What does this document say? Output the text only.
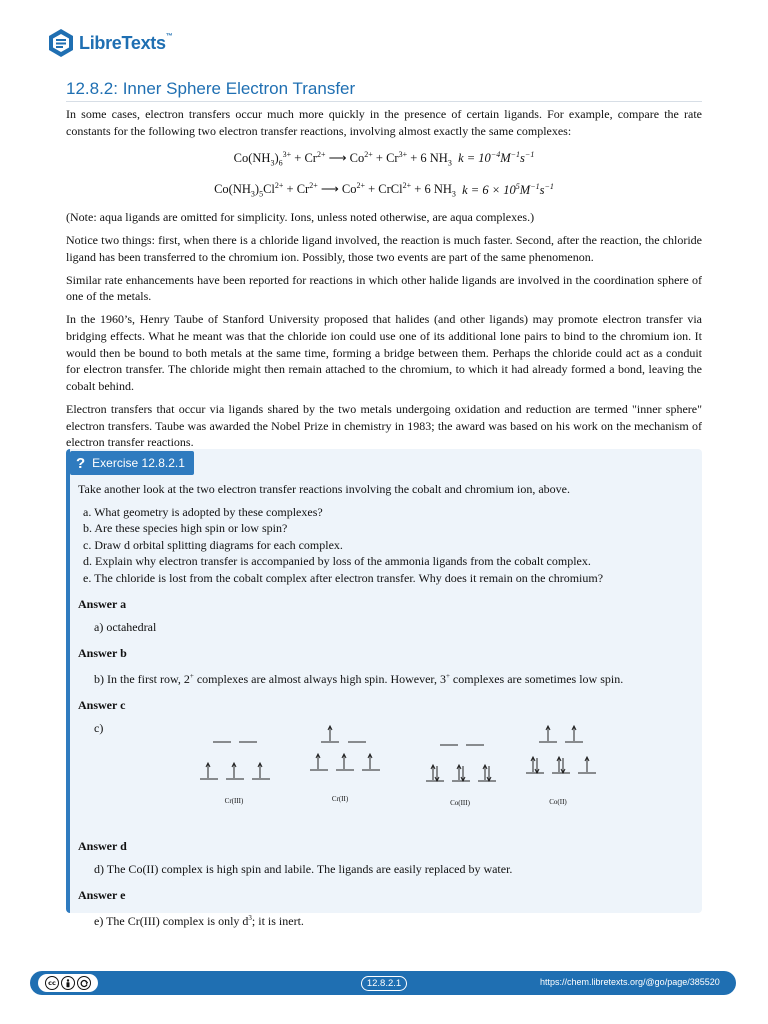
LibreTexts™
12.8.2: Inner Sphere Electron Transfer

In some cases, electron transfers occur much more quickly in the presence of certain ligands. For example, compare the rate constants for the following two electron transfer reactions, involving almost exactly the same complexes:

$Co(NH_3)_6^{3+} + Cr^{2+}$ ⟶ $Co^{2+} + Cr^{3+} + 6$ $NH_3$ $k = 10^{-4}M^{-1}s^{-1}$
$Co(NH_3)_5Cl^{2+} + Cr^{2+}$ ⟶ $Co^{2+}$ + CrCl$^{2+}$ + 6 $NH_3$ $k = 6 \times 10^5M^{-1}s^{-1}$

(Note: aqua ligands are omitted for simplicity. Ions, unless noted otherwise, are aqua complexes.)

Notice two things: first, when there is a chloride ligand involved, the reaction is much faster. Second, after the reaction, the chloride ligand has been transferred to the chromium ion. Possibly, those two events are part of the same phenomenon.

Similar rate enhancements have been reported for reactions in which other halide ligands are involved in the coordination sphere of one of the metals.

In the 1960’s, Henry Taube of Stanford University proposed that halides (and other ligands) may promote electron transfer via bridging effects. What he meant was that the chloride ion could use one of its additional lone pairs to bind to the chromium ion. It would then be bound to both metals at the same time, forming a bridge between them. Perhaps the chloride could act as a conduit for electron transfer. The chloride might then remain attached to the chromium, to which it had already formed a bond, leaving the cobalt behind.

Electron transfers that occur via ligands shared by the two metals undergoing oxidation and reduction are termed "inner sphere" electron transfers. Taube was awarded the Nobel Prize in chemistry in 1983; the award was based on his work on the mechanism of electron transfer reactions.

? Exercise 12.8.2.1

Take another look at the two electron transfer reactions involving the cobalt and chromium ion, above.

a. What geometry is adopted by these complexes?
b. Are these species high spin or low spin?
c. Draw d orbital splitting diagrams for each complex.
d. Explain why electron transfer is accompanied by loss of the ammonia ligands from the cobalt complex.
e. The chloride is lost from the cobalt complex after electron transfer. Why does it remain on the chromium?
Answer a
a) octahedral
Answer b
b) In the first row, 2+ complexes are almost always high spin. However, 3+ complexes are sometimes low spin.
Answer c
c)
Answer d
d) The Co(II) complex is high spin and labile. The ligands are easily replaced by water.
Answer e
e) The Cr(III) complex is only $d^3$; it is inert.
Cr(III)	Cr(II)	Co(III)	Co(II)
cc	12.8.2.1	https://chem.libretexts.org/@go/page/385520
